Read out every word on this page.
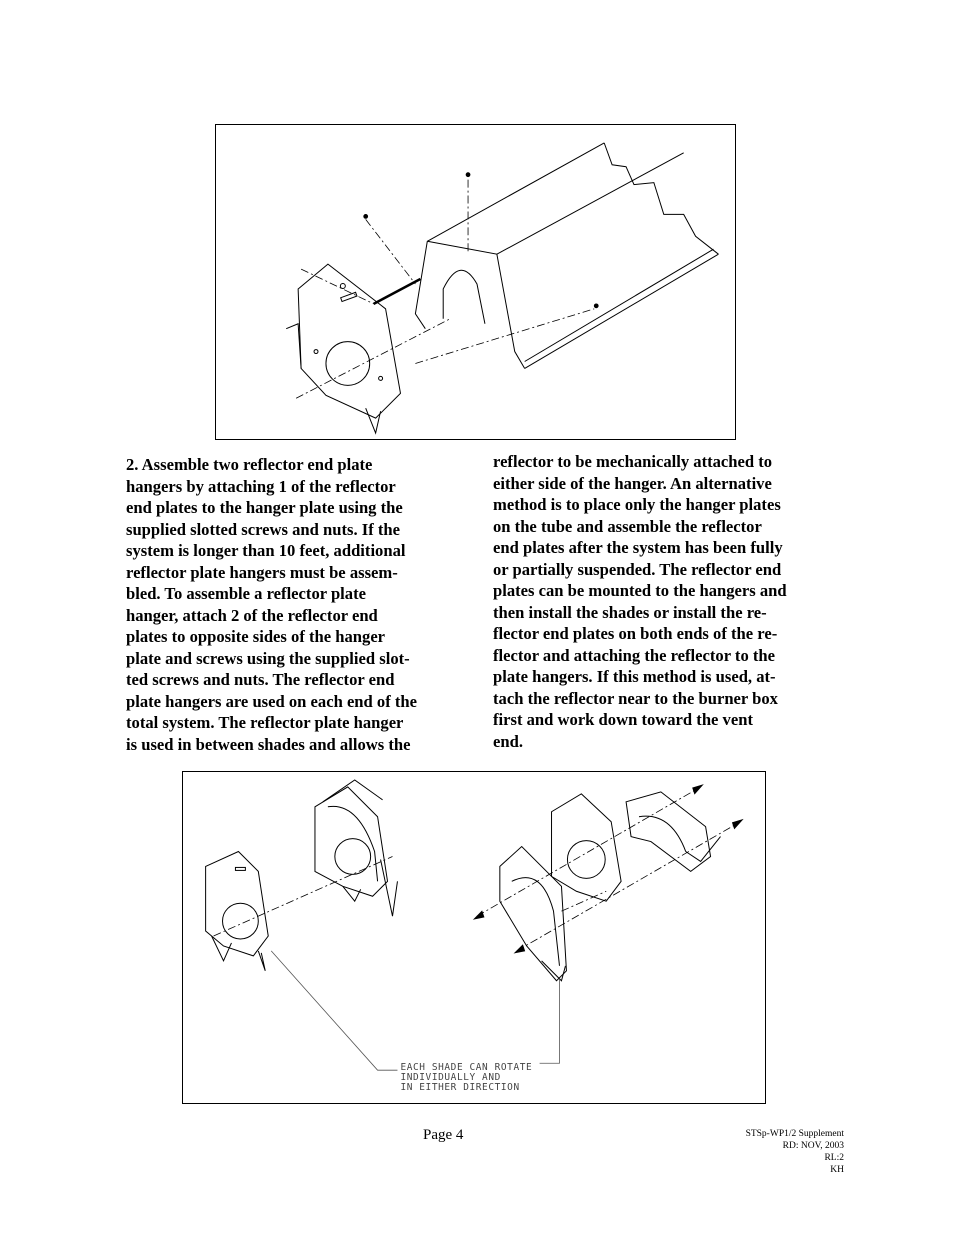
2. Assemble two reflector end plate
hangers by attaching 1 of the reflector
end plates to the hanger plate using the
supplied slotted screws and nuts. If the
system is longer than 10 feet, additional
reflector plate hangers must be assem-
bled. To assemble a reflector plate
hanger, attach 2 of the reflector end
plates to opposite sides of the hanger
plate and screws using the supplied slot-
ted screws and nuts. The reflector end
plate hangers are used on each end of the
total system. The reflector plate hanger
is used in between shades and allows the
reflector to be mechanically attached to
either side of the hanger. An alternative
method is to place only the hanger plates
on the tube and assemble the reflector
end plates after the system has been fully
or partially suspended. The reflector end
plates can be mounted to the hangers and
then install the shades or install the re-
flector end plates on both ends of the re-
flector and attaching the reflector to the
plate hangers. If this method is used, at-
tach the reflector near to the burner box
first and work down toward the vent
end.
EACH SHADE CAN ROTATE
INDIVIDUALLY AND
IN EITHER DIRECTION
Page 4	STSp-WP1/2 Supplement
RD: NOV, 2003
RL:2
KH
